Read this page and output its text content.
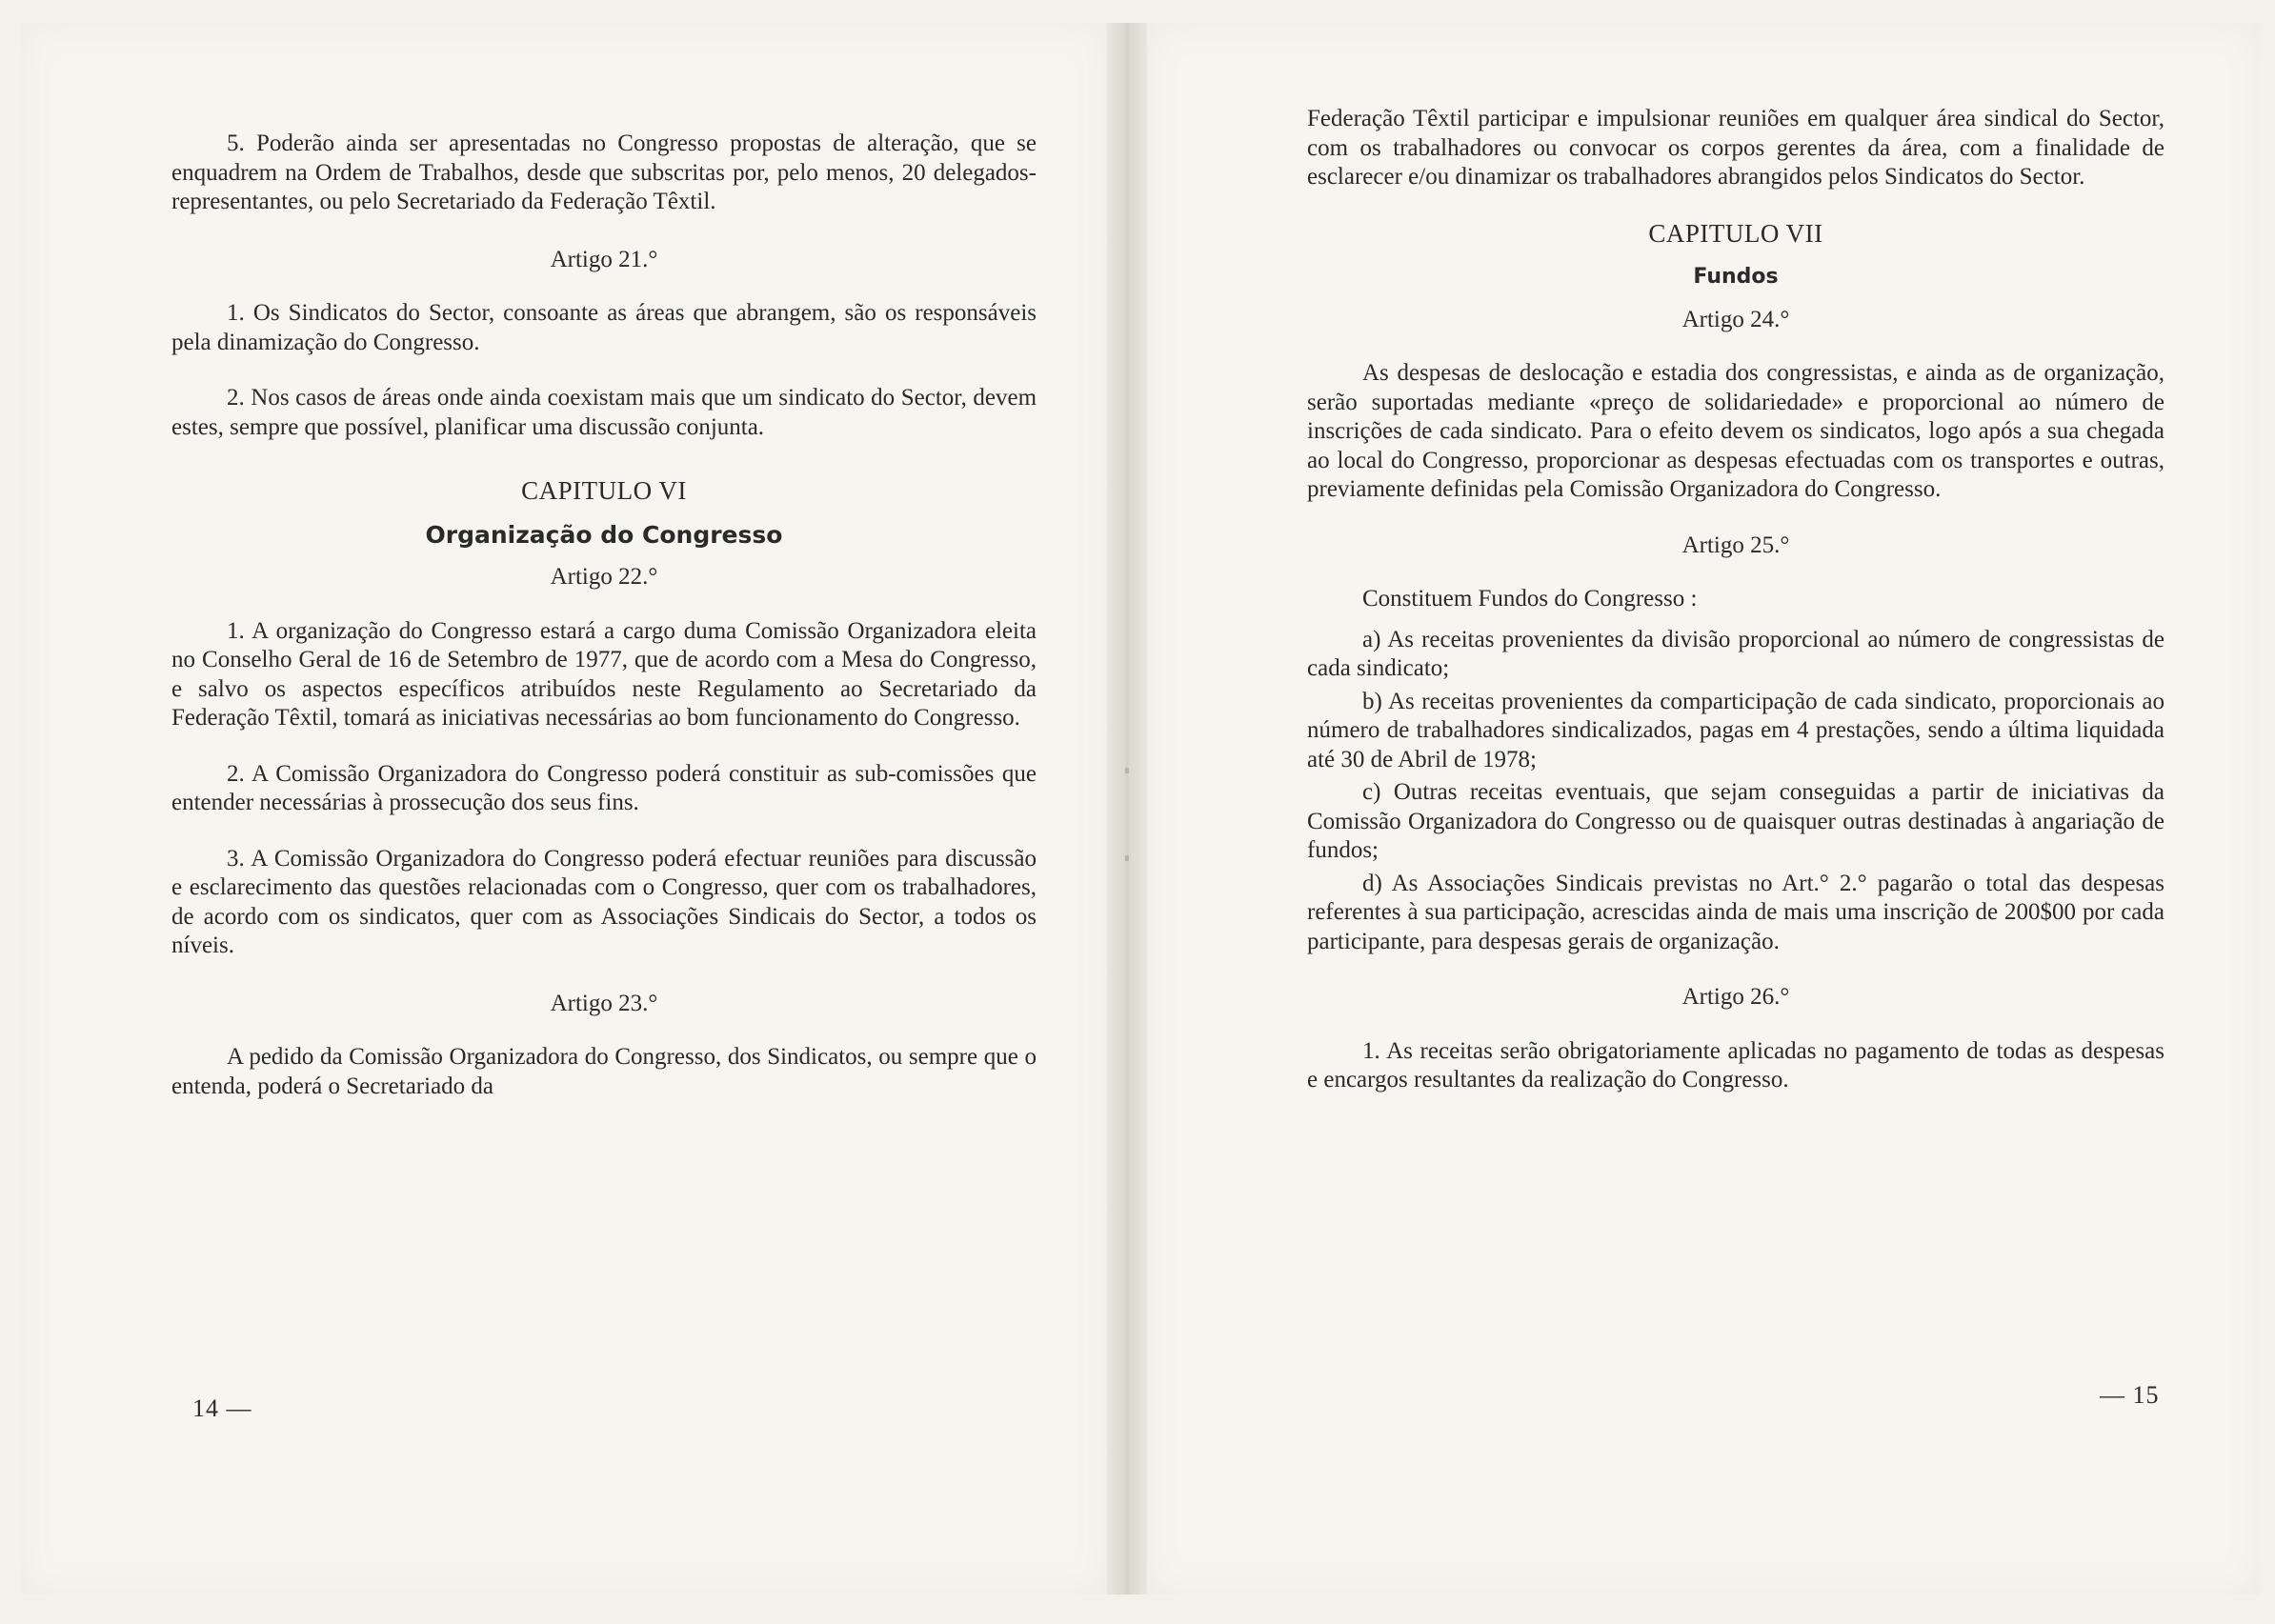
5. Poderão ainda ser apresentadas no Congresso propostas de alteração, que se enquadrem na Ordem de Trabalhos, desde que subscritas por, pelo menos, 20 delegados-representantes, ou pelo Secretariado da Federação Têxtil.

Artigo 21.°

1. Os Sindicatos do Sector, consoante as áreas que abrangem, são os responsáveis pela dinamização do Congresso.

2. Nos casos de áreas onde ainda coexistam mais que um sindicato do Sector, devem estes, sempre que possível, planificar uma discussão conjunta.

CAPITULO VI

Organização do Congresso

Artigo 22.°

1. A organização do Congresso estará a cargo duma Comissão Organizadora eleita no Conselho Geral de 16 de Setembro de 1977, que de acordo com a Mesa do Congresso, e salvo os aspectos específicos atribuídos neste Regulamento ao Secretariado da Federação Têxtil, tomará as iniciativas necessárias ao bom funcionamento do Congresso.

2. A Comissão Organizadora do Congresso poderá constituir as sub-comissões que entender necessárias à prossecução dos seus fins.

3. A Comissão Organizadora do Congresso poderá efectuar reuniões para discussão e esclarecimento das questões relacionadas com o Congresso, quer com os trabalhadores, de acordo com os sindicatos, quer com as Associações Sindicais do Sector, a todos os níveis.

Artigo 23.°

A pedido da Comissão Organizadora do Congresso, dos Sindicatos, ou sempre que o entenda, poderá o Secretariado da

14 —

Federação Têxtil participar e impulsionar reuniões em qualquer área sindical do Sector, com os trabalhadores ou convocar os corpos gerentes da área, com a finalidade de esclarecer e/ou dinamizar os trabalhadores abrangidos pelos Sindicatos do Sector.

CAPITULO VII

Fundos

Artigo 24.°

As despesas de deslocação e estadia dos congressistas, e ainda as de organização, serão suportadas mediante «preço de solidariedade» e proporcional ao número de inscrições de cada sindicato. Para o efeito devem os sindicatos, logo após a sua chegada ao local do Congresso, proporcionar as despesas efectuadas com os transportes e outras, previamente definidas pela Comissão Organizadora do Congresso.

Artigo 25.°

Constituem Fundos do Congresso :

a) As receitas provenientes da divisão proporcional ao número de congressistas de cada sindicato;

b) As receitas provenientes da comparticipação de cada sindicato, proporcionais ao número de trabalhadores sindicalizados, pagas em 4 prestações, sendo a última liquidada até 30 de Abril de 1978;

c) Outras receitas eventuais, que sejam conseguidas a partir de iniciativas da Comissão Organizadora do Congresso ou de quaisquer outras destinadas à angariação de fundos;

d) As Associações Sindicais previstas no Art.° 2.° pagarão o total das despesas referentes à sua participação, acrescidas ainda de mais uma inscrição de 200$00 por cada participante, para despesas gerais de organização.

Artigo 26.°

1. As receitas serão obrigatoriamente aplicadas no pagamento de todas as despesas e encargos resultantes da realização do Congresso.

— 15
